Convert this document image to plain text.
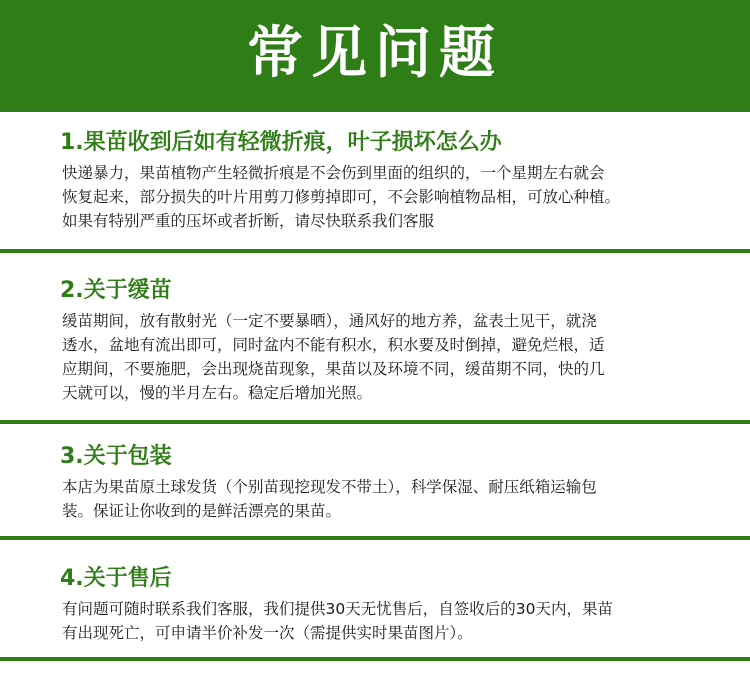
常见问题
1.果苗收到后如有轻微折痕，叶子损坏怎么办
快递暴力，果苗植物产生轻微折痕是不会伤到里面的组织的，一个星期左右就会
恢复起来，部分损失的叶片用剪刀修剪掉即可，不会影响植物品相，可放心种植。
如果有特别严重的压坏或者折断，请尽快联系我们客服
2.关于缓苗
缓苗期间，放有散射光（一定不要暴晒），通风好的地方养，盆表土见干，就浇
透水，盆地有流出即可，同时盆内不能有积水，积水要及时倒掉，避免烂根，适
应期间，不要施肥，会出现烧苗现象，果苗以及环境不同，缓苗期不同，快的几
天就可以，慢的半月左右。稳定后增加光照。
3.关于包装
本店为果苗原土球发货（个别苗现挖现发不带土），科学保湿、耐压纸箱运输包
装。保证让你收到的是鲜活漂亮的果苗。
4.关于售后
有问题可随时联系我们客服，我们提供30天无忧售后，自签收后的30天内，果苗
有出现死亡，可申请半价补发一次（需提供实时果苗图片）。
